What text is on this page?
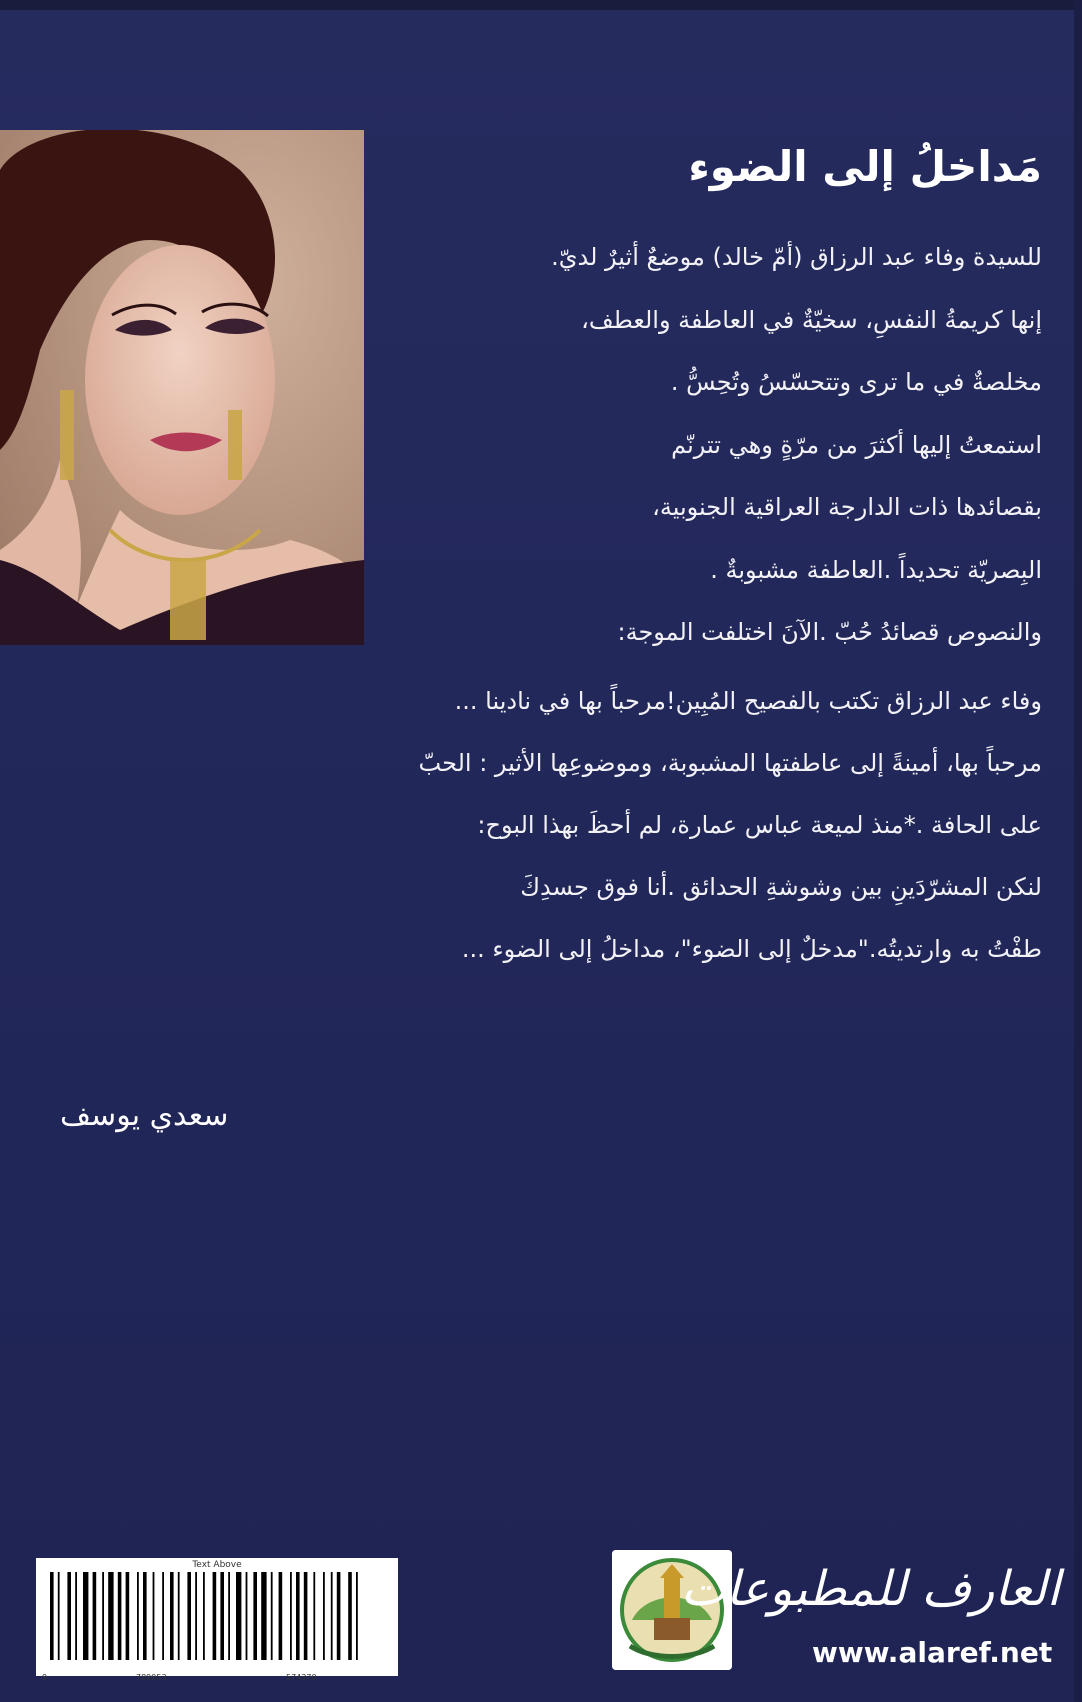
مَداخلُ إلى الضوء
للسيدة وفاء عبد الرزاق (أمّ خالد) موضعٌ أثيرٌ لديّ.
إنها كريمةُ النفسِ، سخيّةٌ في العاطفة والعطف،
مخلصةٌ في ما ترى وتتحسّسُ وتُحِسُّ .
استمعتُ إليها أكثرَ من مرّةٍ وهي تترنّم
بقصائدها ذات الدارجة العراقية الجنوبية،
البِصريّة تحديداً .العاطفة مشبوبةٌ .
والنصوص قصائدُ حُبّ .الآنَ اختلفت الموجة:
وفاء عبد الرزاق تكتب بالفصيح المُبِين!مرحباً بها في نادينا ...
مرحباً بها، أمينةً إلى عاطفتها المشبوبة، وموضوعِها الأثير : الحبّ
على الحافة .*منذ لميعة عباس عمارة، لم أحظَ بهذا البوح:
لنكن المشرّدَينِ بين وشوشةِ الحدائق .أنا فوق جسدِكَ
طفْتُ به وارتديتُه."مدخلٌ إلى الضوء"، مداخلُ إلى الضوء ...
سعدي يوسف
Text Above
9	789953	574370
العارف للمطبوعات
www.alaref.net
